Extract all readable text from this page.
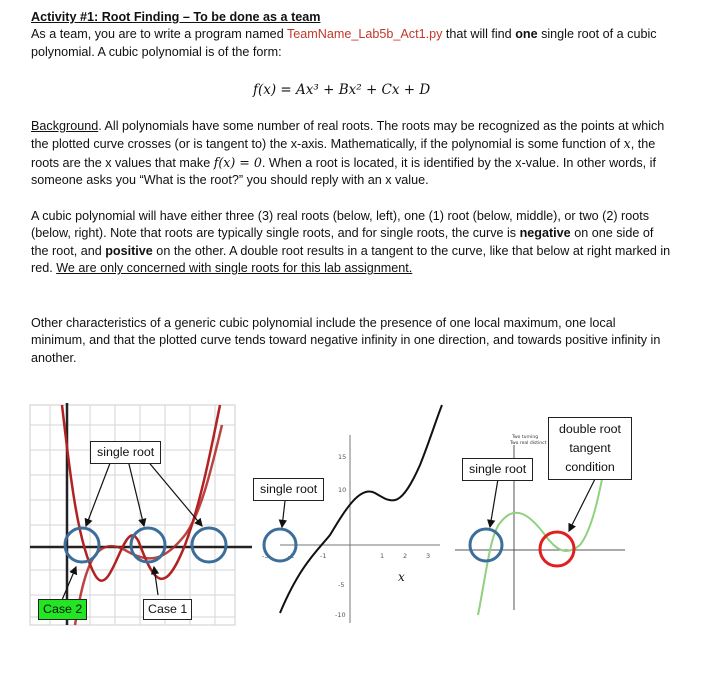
Activity #1: Root Finding – To be done as a team
As a team, you are to write a program named TeamName_Lab5b_Act1.py that will find one single root of a cubic polynomial. A cubic polynomial is of the form:

f(x) = Ax³ + Bx² + Cx + D

Background. All polynomials have some number of real roots. The roots may be recognized as the points at which the plotted curve crosses (or is tangent to) the x-axis. Mathematically, if the polynomial is some function of x, the roots are the x values that make f(x) = 0. When a root is located, it is identified by the x-value. In other words, if someone asks you “What is the root?” you should reply with an x value.

A cubic polynomial will have either three (3) real roots (below, left), one (1) root (below, middle), or two (2) roots (below, right). Note that roots are typically single roots, and for single roots, the curve is negative on one side of the root, and positive on the other. A double root results in a tangent to the curve, like that below at right marked in red. We are only concerned with single roots for this lab assignment.

Other characteristics of a generic cubic polynomial include the presence of one local maximum, one local minimum, and that the plotted curve tends toward negative infinity in one direction, and towards positive infinity in another.

-3	-2	-1	1	2	3
15
10
-5
-10
x
Two turning
Two real distinct
single root
single root
single root
double root
tangent
condition
Case 2	Case 1
